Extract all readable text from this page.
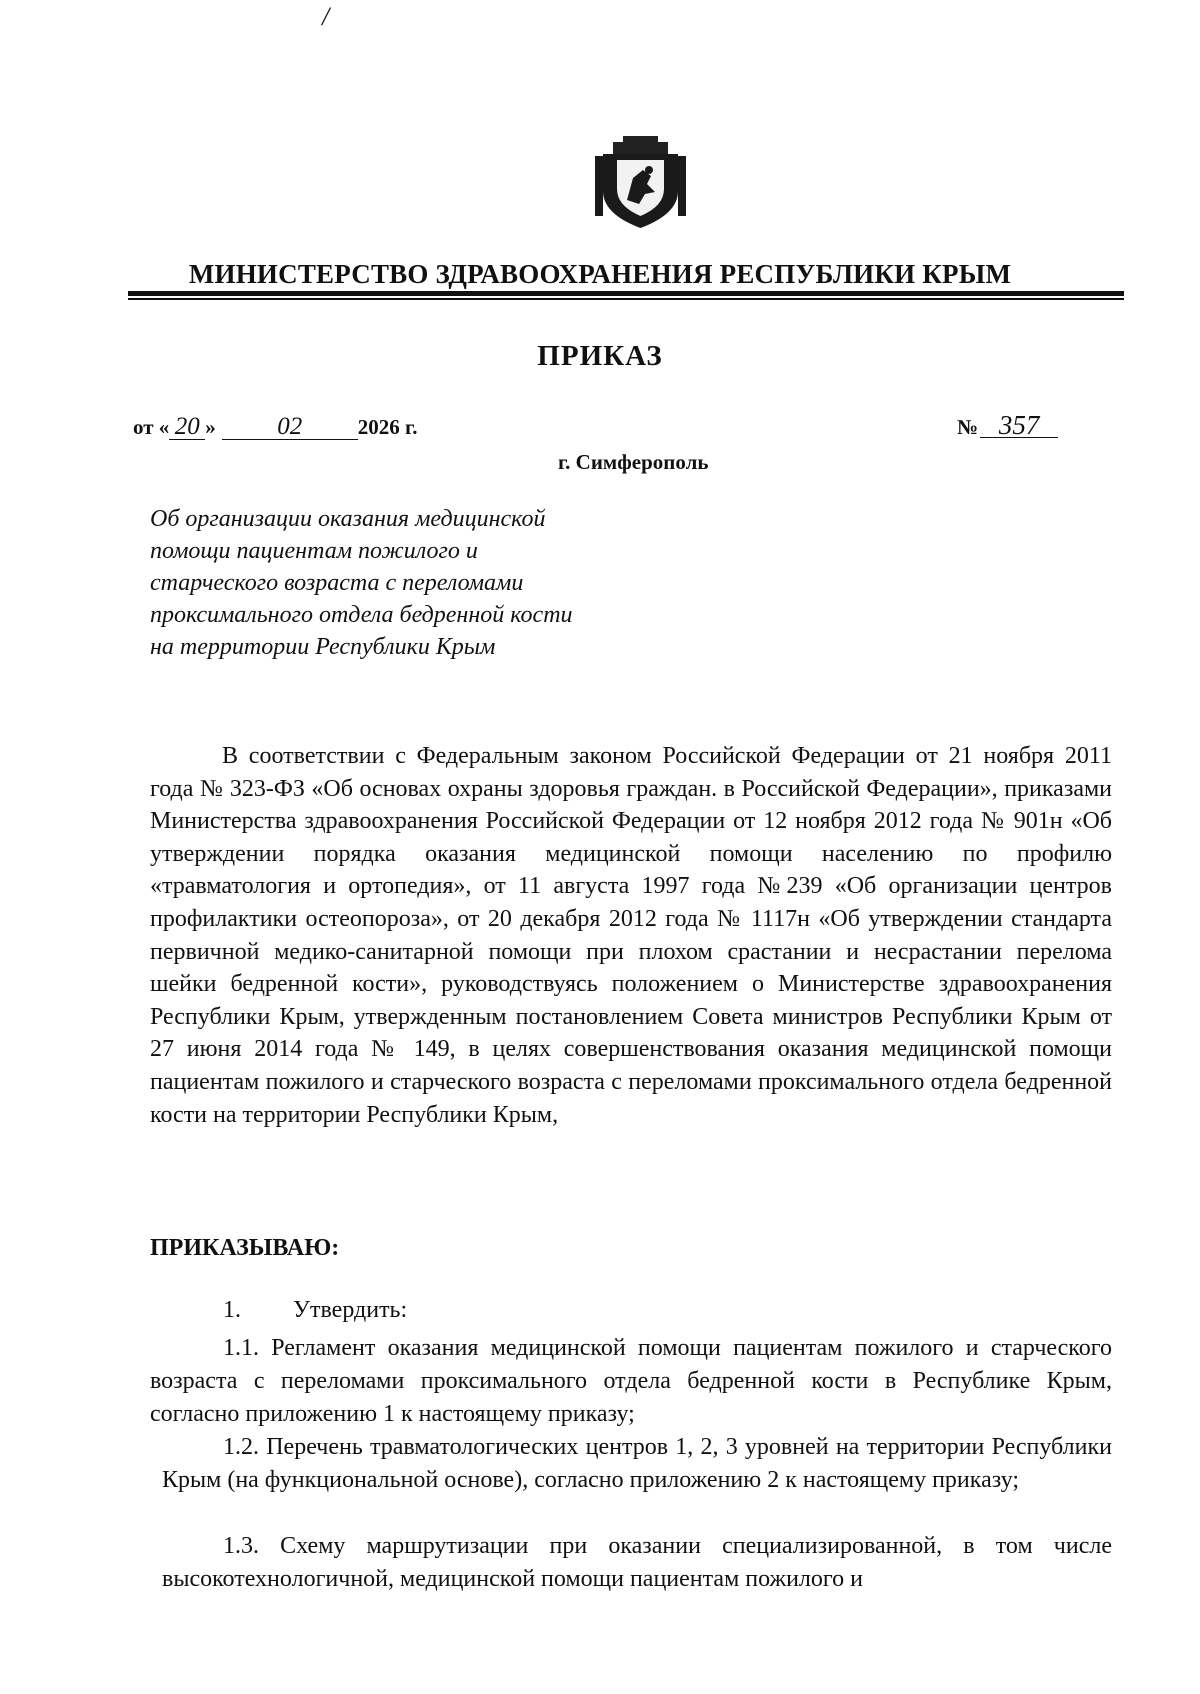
/
МИНИСТЕРСТВО ЗДРАВООХРАНЕНИЯ РЕСПУБЛИКИ КРЫМ
ПРИКАЗ
от « 20 » 02	2026 г.	№ 357
г. Симферополь
Об организации оказания медицинской
помощи пациентам пожилого и
старческого возраста с переломами
проксимального отдела бедренной кости
на территории Республики Крым
В соответствии с Федеральным законом Российской Федерации от 21 ноября 2011 года № 323-ФЗ «Об основах охраны здоровья граждан. в Российской Федерации», приказами Министерства здравоохранения Российской Федерации от 12 ноября 2012 года № 901н «Об утверждении порядка оказания медицинской помощи населению по профилю «травматология и ортопедия», от 11 августа 1997 года №239 «Об организации центров профилактики остеопороза», от 20 декабря 2012 года № 1117н «Об утверждении стандарта первичной медико-санитарной помощи при плохом срастании и несрастании перелома шейки бедренной кости», руководствуясь положением о Министерстве здравоохранения Республики Крым, утвержденным постановлением Совета министров Республики Крым от 27 июня 2014 года № 149, в целях совершенствования оказания медицинской помощи пациентам пожилого и старческого возраста с переломами проксимального отдела бедренной кости на территории Республики Крым,
ПРИКАЗЫВАЮ:
1. Утвердить:
1.1. Регламент оказания медицинской помощи пациентам пожилого и старческого возраста с переломами проксимального отдела бедренной кости в Республике Крым, согласно приложению 1 к настоящему приказу;
1.2. Перечень травматологических центров 1, 2, 3 уровней на территории Республики Крым (на функциональной основе), согласно приложению 2 к настоящему приказу;
1.3. Схему маршрутизации при оказании специализированной, в том числе высокотехнологичной, медицинской помощи пациентам пожилого и
